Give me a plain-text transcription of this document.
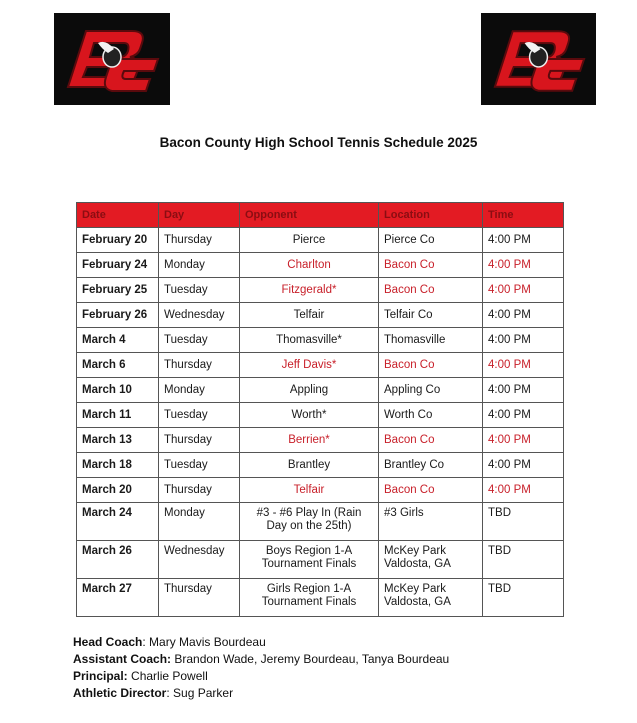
Bacon County High School Tennis Schedule 2025
Date	Day	Opponent	Location	Time
February 20	Thursday	Pierce	Pierce Co	4:00 PM
February 24	Monday	Charlton	Bacon Co	4:00 PM
February 25	Tuesday	Fitzgerald*	Bacon Co	4:00 PM
February 26	Wednesday	Telfair	Telfair Co	4:00 PM
March 4	Tuesday	Thomasville*	Thomasville	4:00 PM
March 6	Thursday	Jeff Davis*	Bacon Co	4:00 PM
March 10	Monday	Appling	Appling Co	4:00 PM
March 11	Tuesday	Worth*	Worth Co	4:00 PM
March 13	Thursday	Berrien*	Bacon Co	4:00 PM
March 18	Tuesday	Brantley	Brantley Co	4:00 PM
March 20	Thursday	Telfair	Bacon Co	4:00 PM
March 24	Monday	#3 - #6 Play In (Rain Day on the 25th)	#3 Girls	TBD
March 26	Wednesday	Boys Region 1-A Tournament Finals	McKey Park Valdosta, GA	TBD
March 27	Thursday	Girls Region 1-A Tournament Finals	McKey Park Valdosta, GA	TBD
Head Coach: Mary Mavis Bourdeau
Assistant Coach: Brandon Wade, Jeremy Bourdeau, Tanya Bourdeau
Principal: Charlie Powell
Athletic Director: Sug Parker
